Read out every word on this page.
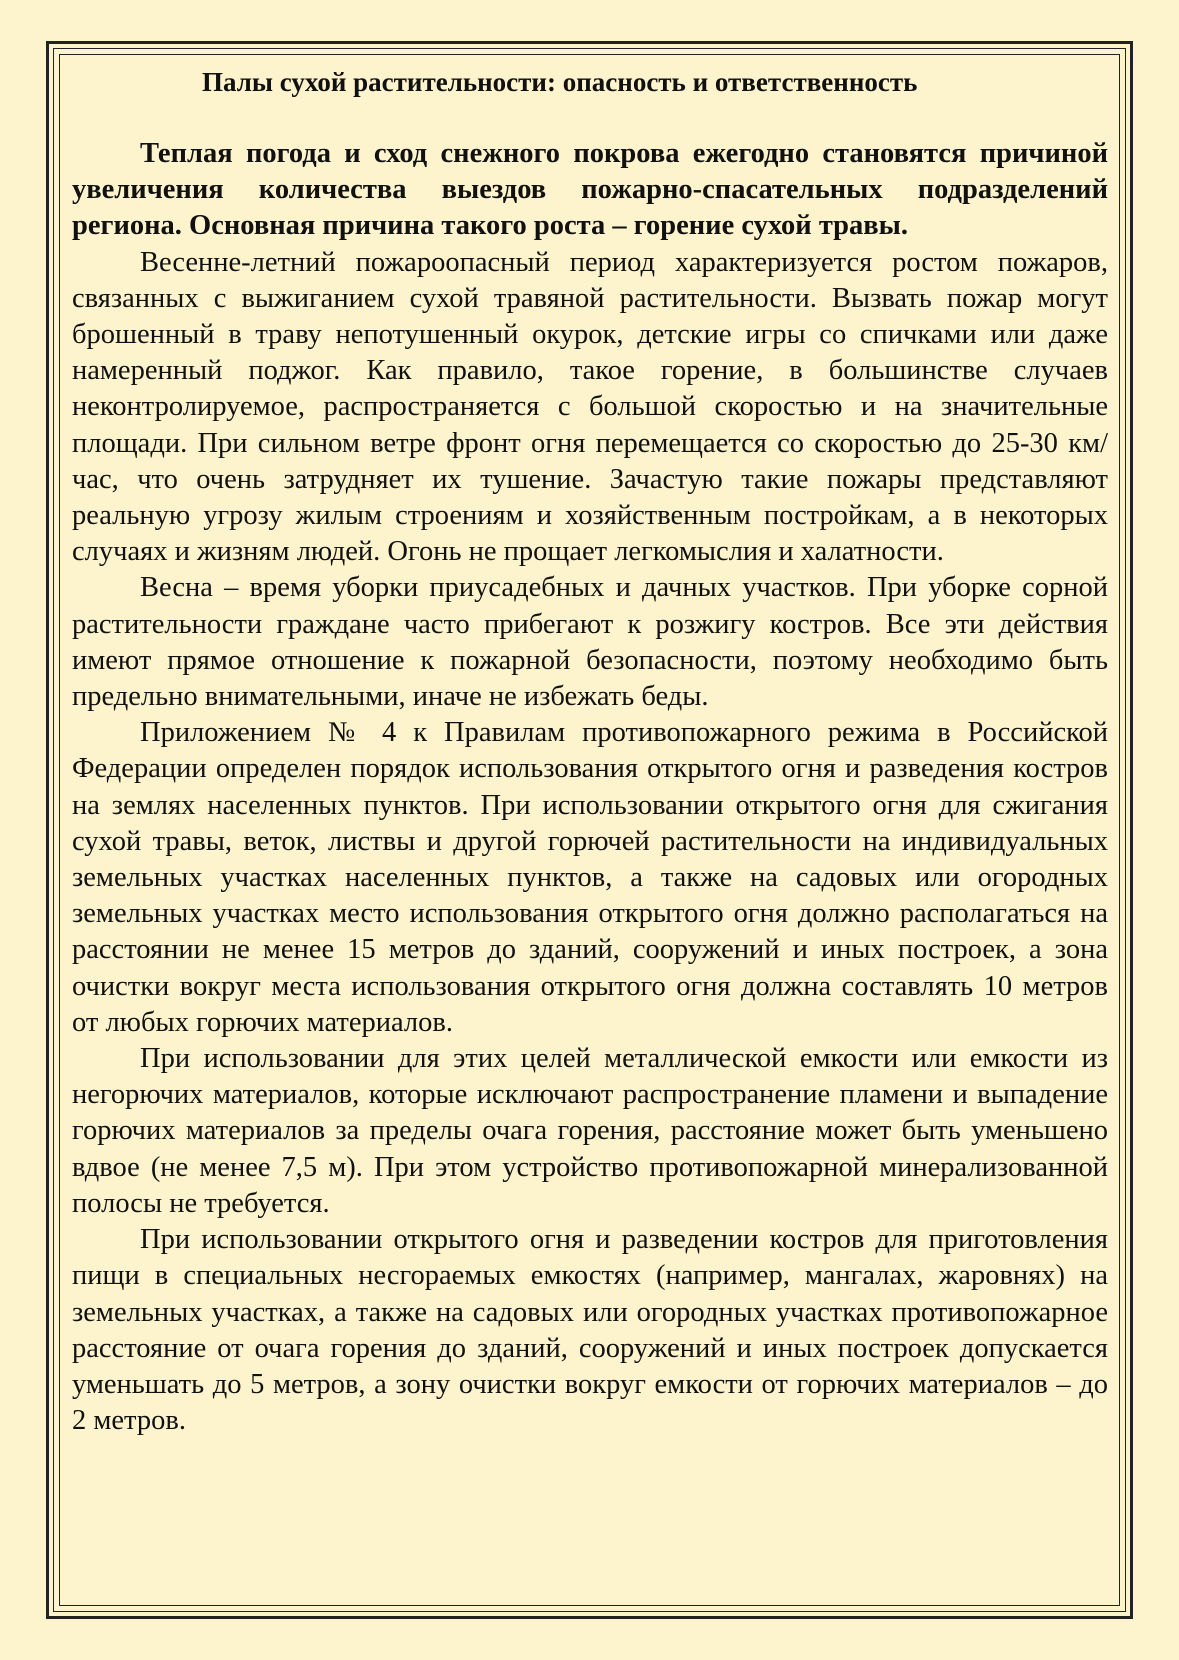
Палы сухой растительности: опасность и ответственность

Теплая погода и сход снежного покрова ежегодно становятся причиной увеличения количества выездов пожарно-спасательных подразделений региона. Основная причина такого роста – горение сухой травы.

Весенне-летний пожароопасный период характеризуется ростом пожаров, связанных с выжиганием сухой травяной растительности. Вызвать пожар могут брошенный в траву непотушенный окурок, детские игры со спичками или даже намеренный поджог. Как правило, такое горение, в большинстве случаев неконтролируемое, распространяется с большой скоростью и на значительные площади. При сильном ветре фронт огня перемещается со скоростью до 25-30 км/час, что очень затрудняет их тушение. Зачастую такие пожары представляют реальную угрозу жилым строениям и хозяйственным постройкам, а в некоторых случаях и жизням людей. Огонь не прощает легкомыслия и халатности.

Весна – время уборки приусадебных и дачных участков. При уборке сорной растительности граждане часто прибегают к розжигу костров. Все эти действия имеют прямое отношение к пожарной безопасности, поэтому необходимо быть предельно внимательными, иначе не избежать беды.

Приложением № 4 к Правилам противопожарного режима в Российской Федерации определен порядок использования открытого огня и разведения костров на землях населенных пунктов. При использовании открытого огня для сжигания сухой травы, веток, листвы и другой горючей растительности на индивидуальных земельных участках населенных пунктов, а также на садовых или огородных земельных участках место использования открытого огня должно располагаться на расстоянии не менее 15 метров до зданий, сооружений и иных построек, а зона очистки вокруг места использования открытого огня должна составлять 10 метров от любых горючих материалов.

При использовании для этих целей металлической емкости или емкости из негорючих материалов, которые исключают распространение пламени и выпадение горючих материалов за пределы очага горения, расстояние может быть уменьшено вдвое (не менее 7,5 м). При этом устройство противопожарной минерализованной полосы не требуется.

При использовании открытого огня и разведении костров для приготовления пищи в специальных несгораемых емкостях (например, мангалах, жаровнях) на земельных участках, а также на садовых или огородных участках противопожарное расстояние от очага горения до зданий, сооружений и иных построек допускается уменьшать до 5 метров, а зону очистки вокруг емкости от горючих материалов – до 2 метров.
